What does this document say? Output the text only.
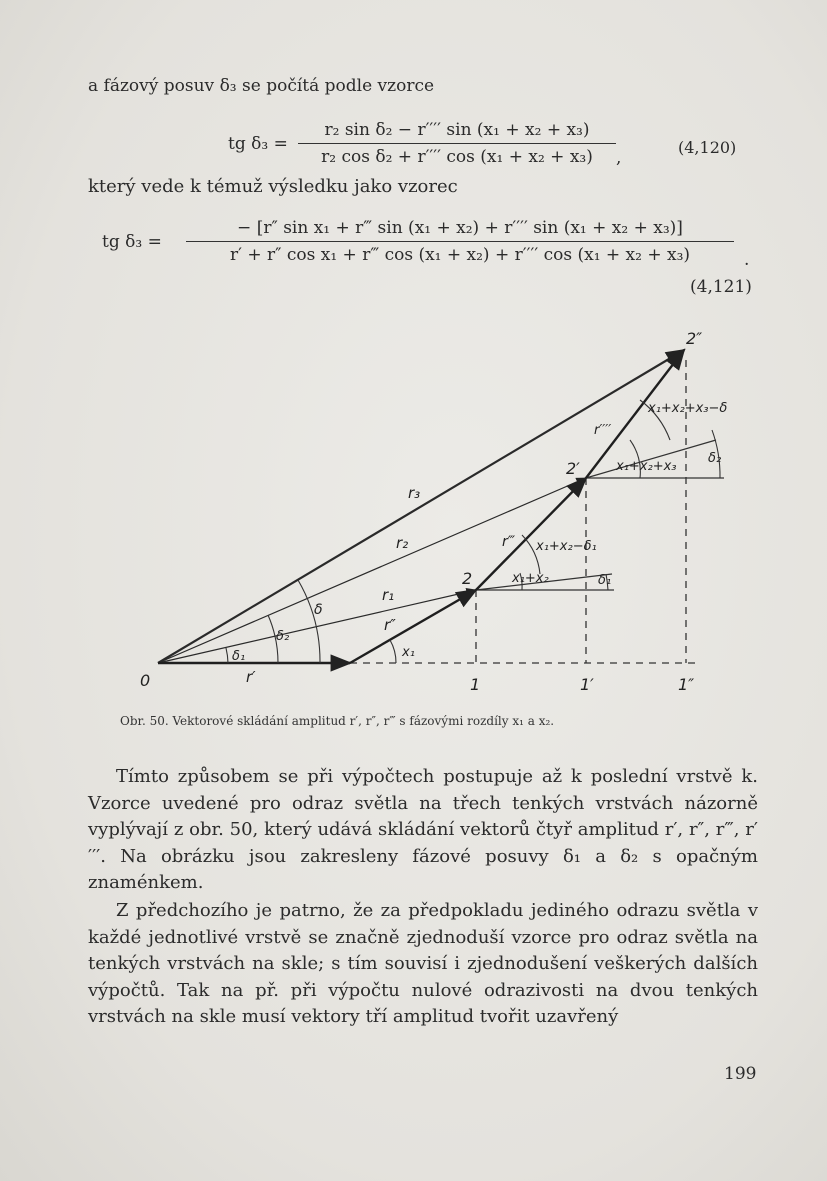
a fázový posuv δ₃ se počítá podle vzorce
tg δ₃ =
r₂ sin δ₂ − r′′′′ sin (x₁ + x₂ + x₃)
r₂ cos δ₂ + r′′′′ cos (x₁ + x₂ + x₃)	,
(4,120)
který vede k témuž výsledku jako vzorec
tg δ₃ =
− [r″ sin x₁ + r‴ sin (x₁ + x₂) + r′′′′ sin (x₁ + x₂ + x₃)]
r′ + r″ cos x₁ + r‴ cos (x₁ + x₂) + r′′′′ cos (x₁ + x₂ + x₃)	.
(4,121)
0	1	1′	1″
2
2′
2″
r′
r″
r‴
r′′′′
r₁
r₂
r₃
δ
δ₁
δ₂
x₁
x₁+x₂
x₁+x₂−δ₁
δ₁
x₁+x₂+x₃
x₁+x₂+x₃−δ
δ₂
Obr. 50. Vektorové skládání amplitud r′, r″, r‴ s fázovými rozdíly x₁ a x₂.
Tímto způsobem se při výpočtech postupuje až k poslední vrstvě k. Vzorce uvedené pro odraz světla na třech tenkých vrstvách názorně vyplývají z obr. 50, který udává skládání vektorů čtyř amplitud r′, r″, r‴, r′′′′. Na obrázku jsou zakresleny fázové posuvy δ₁ a δ₂ s opačným znaménkem.
Z předchozího je patrno, že za předpokladu jediného odrazu světla v každé jednotlivé vrstvě se značně zjednoduší vzorce pro odraz světla na tenkých vrstvách na skle; s tím souvisí i zjednodušení veškerých dalších výpočtů. Tak na př. při výpočtu nulové odrazivosti na dvou tenkých vrstvách na skle musí vektory tří amplitud tvořit uzavřený
199
